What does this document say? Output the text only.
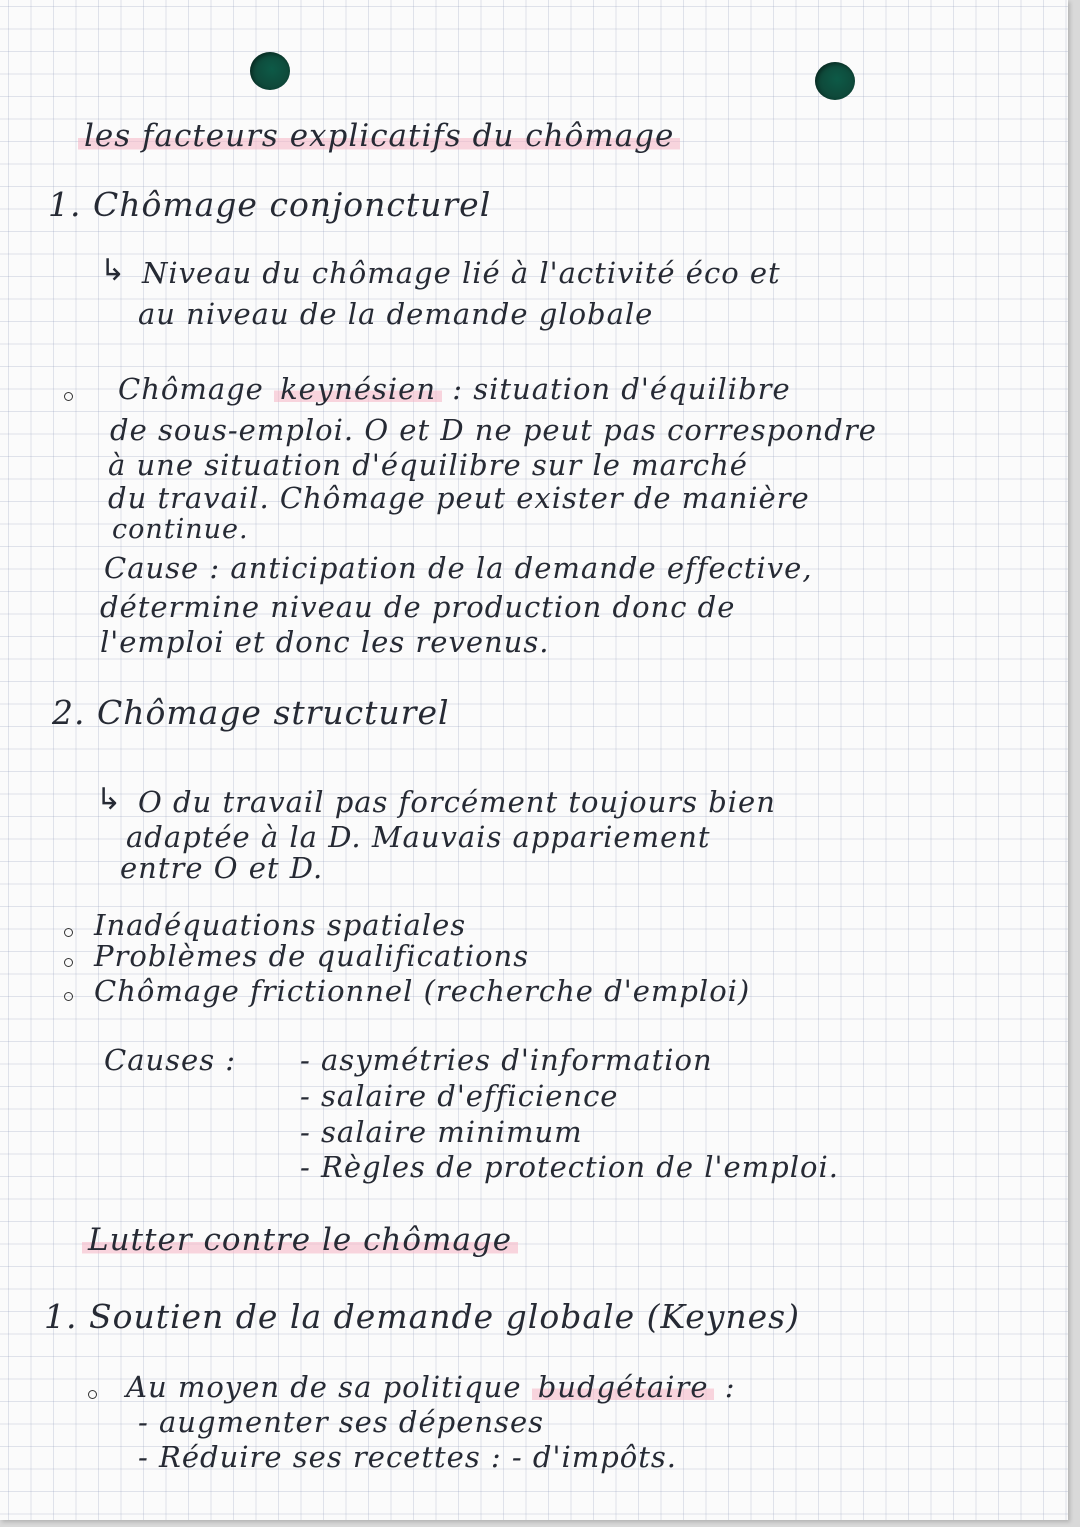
les facteurs explicatifs du chômage
1. Chômage conjoncturel
↳ Niveau du chômage lié à l'activité éco et
au niveau de la demande globale
Chômage keynésien : situation d'équilibre
de sous-emploi. O et D ne peut pas correspondre
à une situation d'équilibre sur le marché
du travail. Chômage peut exister de manière
continue.
Cause : anticipation de la demande effective,
détermine niveau de production donc de
l'emploi et donc les revenus.
2. Chômage structurel
↳ O du travail pas forcément toujours bien
adaptée à la D. Mauvais appariement
entre O et D.
Inadéquations spatiales
Problèmes de qualifications
Chômage frictionnel (recherche d'emploi)
Causes : - asymétries d'information
- salaire d'efficience
- salaire minimum
- Règles de protection de l'emploi.
Lutter contre le chômage
1. Soutien de la demande globale (Keynes)
Au moyen de sa politique budgétaire :
- augmenter ses dépenses
- Réduire ses recettes : - d'impôts.
